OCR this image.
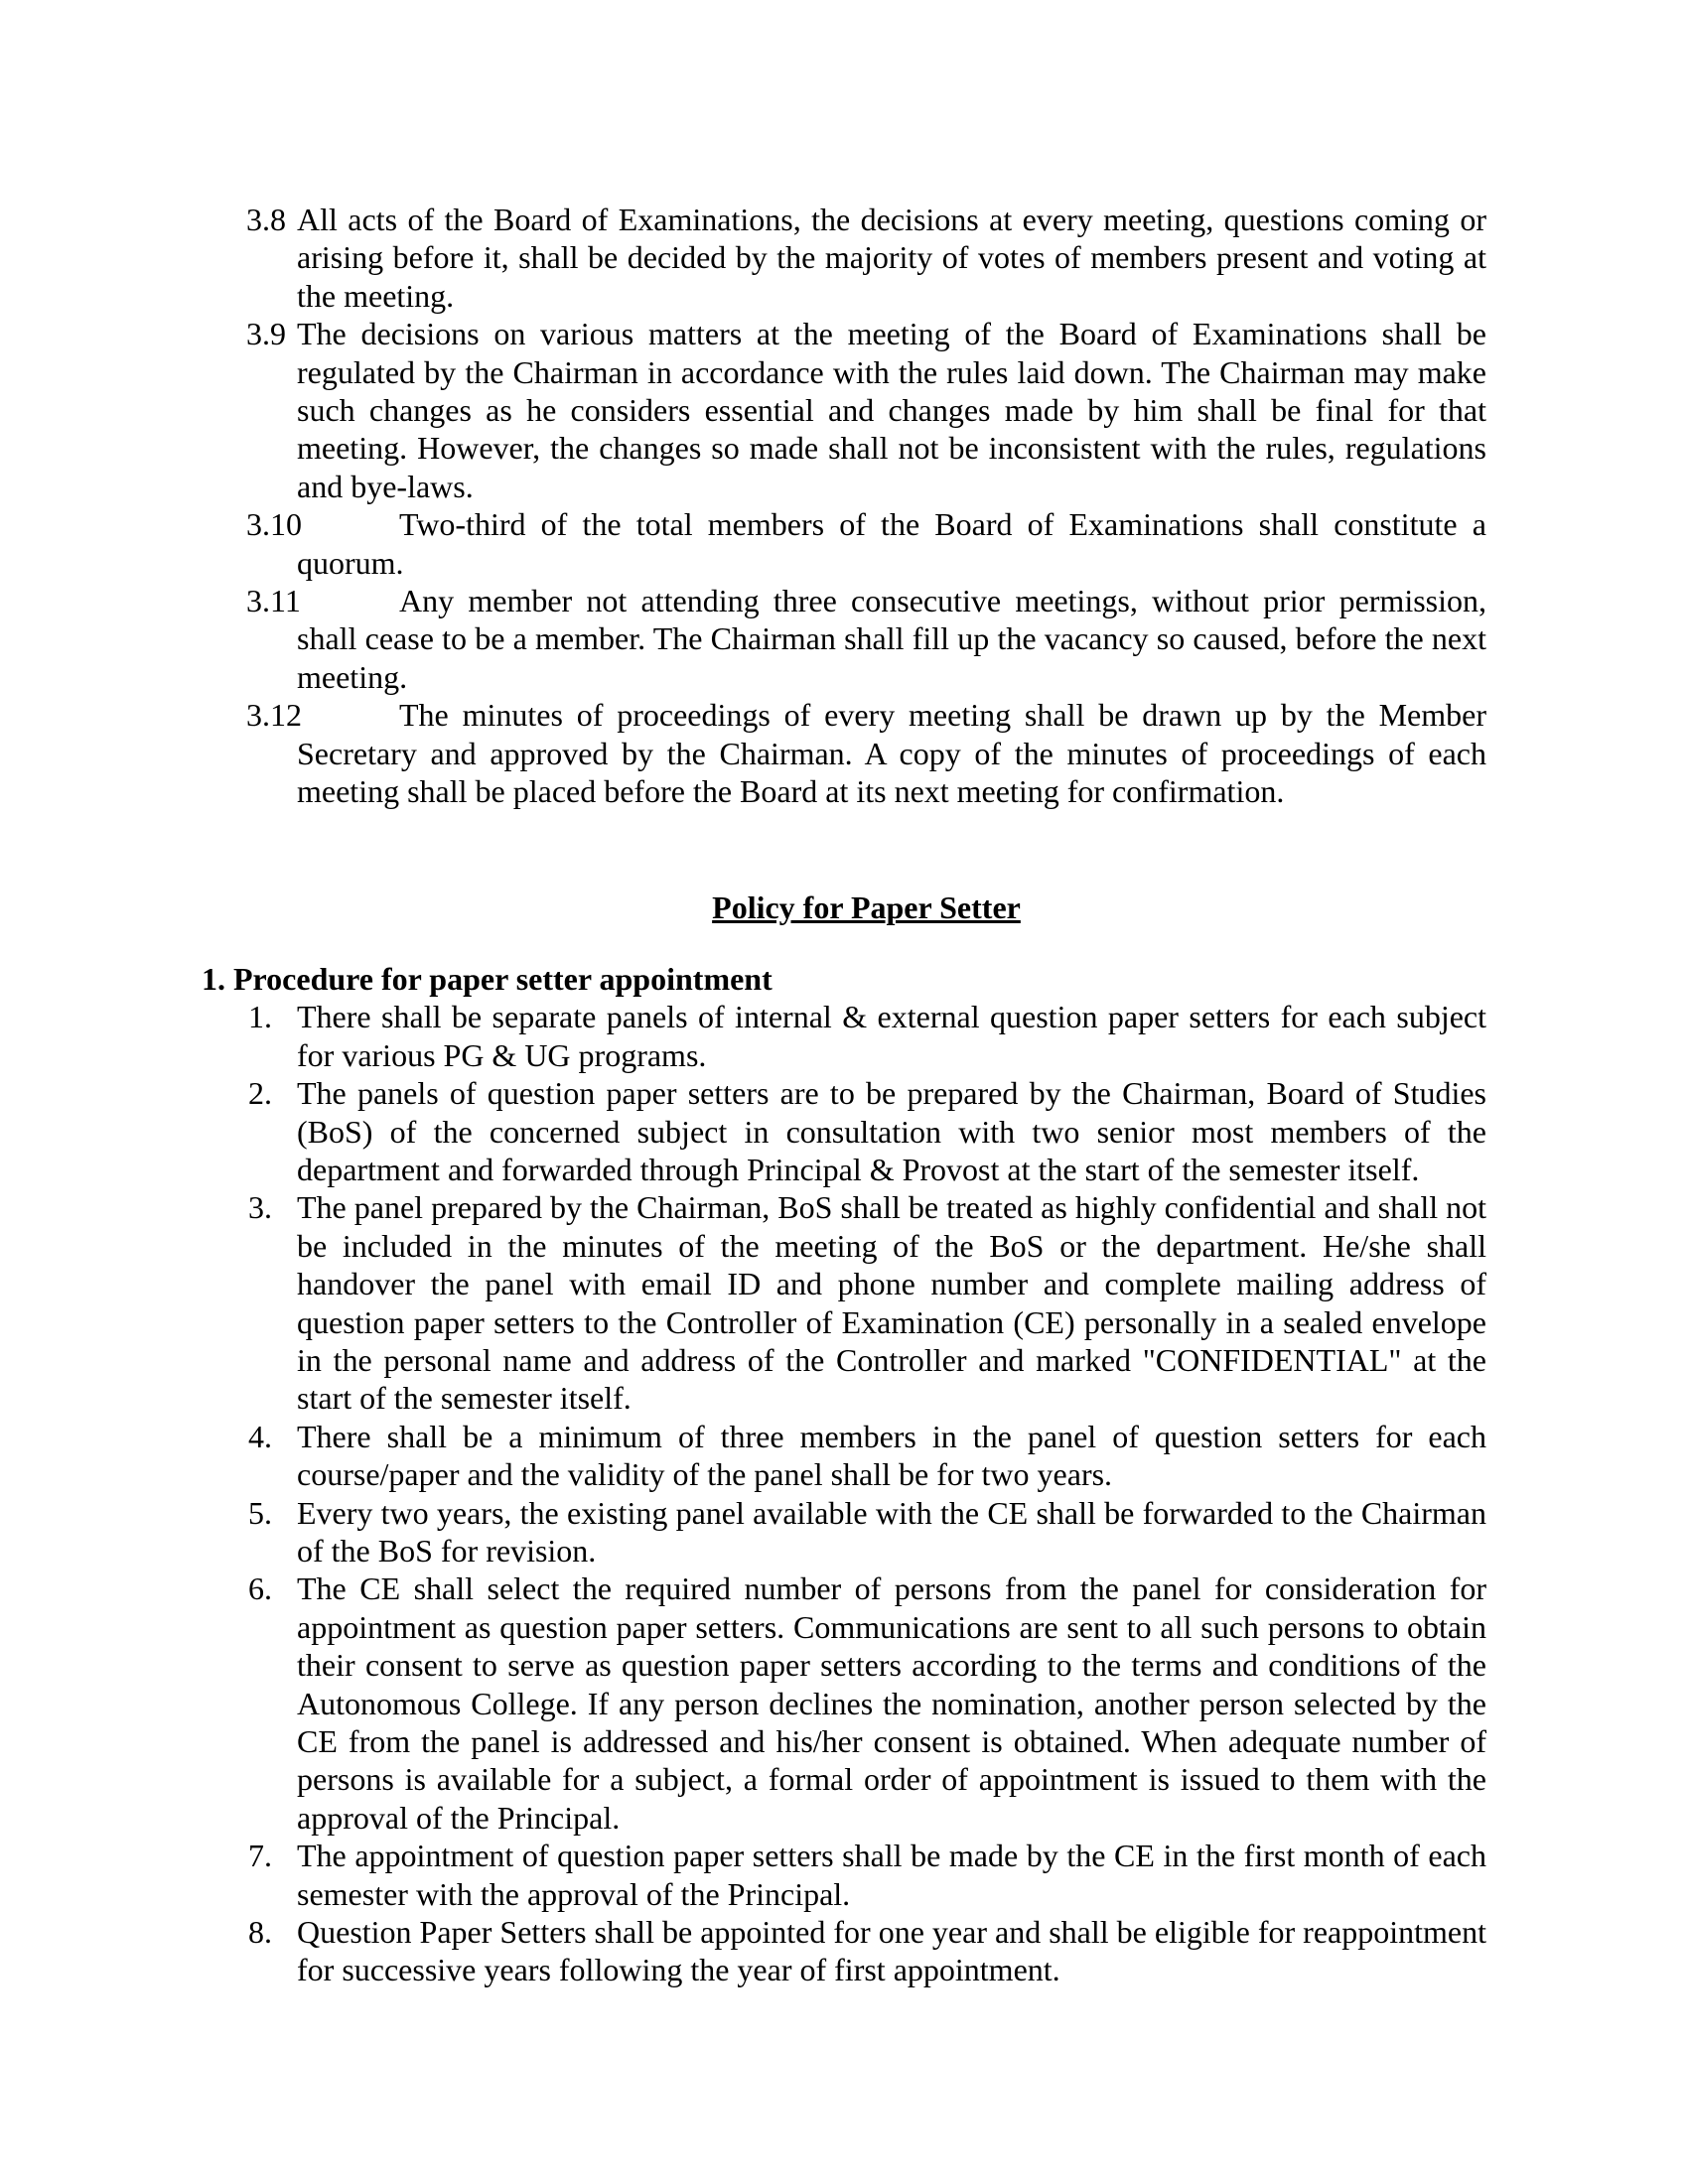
3.8 All acts of the Board of Examinations, the decisions at every meeting, questions coming or arising before it, shall be decided by the majority of votes of members present and voting at the meeting.
3.9 The decisions on various matters at the meeting of the Board of Examinations shall be regulated by the Chairman in accordance with the rules laid down. The Chairman may make such changes as he considers essential and changes made by him shall be final for that meeting. However, the changes so made shall not be inconsistent with the rules, regulations and bye-laws.
3.10	Two-third of the total members of the Board of Examinations shall constitute a quorum.
3.11	Any member not attending three consecutive meetings, without prior permission, shall cease to be a member. The Chairman shall fill up the vacancy so caused, before the next meeting.
3.12	The minutes of proceedings of every meeting shall be drawn up by the Member Secretary and approved by the Chairman. A copy of the minutes of proceedings of each meeting shall be placed before the Board at its next meeting for confirmation.
Policy for Paper Setter
1. Procedure for paper setter appointment
1. There shall be separate panels of internal & external question paper setters for each subject for various PG & UG programs.
2. The panels of question paper setters are to be prepared by the Chairman, Board of Studies (BoS) of the concerned subject in consultation with two senior most members of the department and forwarded through Principal & Provost at the start of the semester itself.
3. The panel prepared by the Chairman, BoS shall be treated as highly confidential and shall not be included in the minutes of the meeting of the BoS or the department. He/she shall handover the panel with email ID and phone number and complete mailing address of question paper setters to the Controller of Examination (CE) personally in a sealed envelope in the personal name and address of the Controller and marked "CONFIDENTIAL" at the start of the semester itself.
4. There shall be a minimum of three members in the panel of question setters for each course/paper and the validity of the panel shall be for two years.
5. Every two years, the existing panel available with the CE shall be forwarded to the Chairman of the BoS for revision.
6. The CE shall select the required number of persons from the panel for consideration for appointment as question paper setters. Communications are sent to all such persons to obtain their consent to serve as question paper setters according to the terms and conditions of the Autonomous College. If any person declines the nomination, another person selected by the CE from the panel is addressed and his/her consent is obtained. When adequate number of persons is available for a subject, a formal order of appointment is issued to them with the approval of the Principal.
7. The appointment of question paper setters shall be made by the CE in the first month of each semester with the approval of the Principal.
8. Question Paper Setters shall be appointed for one year and shall be eligible for reappointment for successive years following the year of first appointment.
